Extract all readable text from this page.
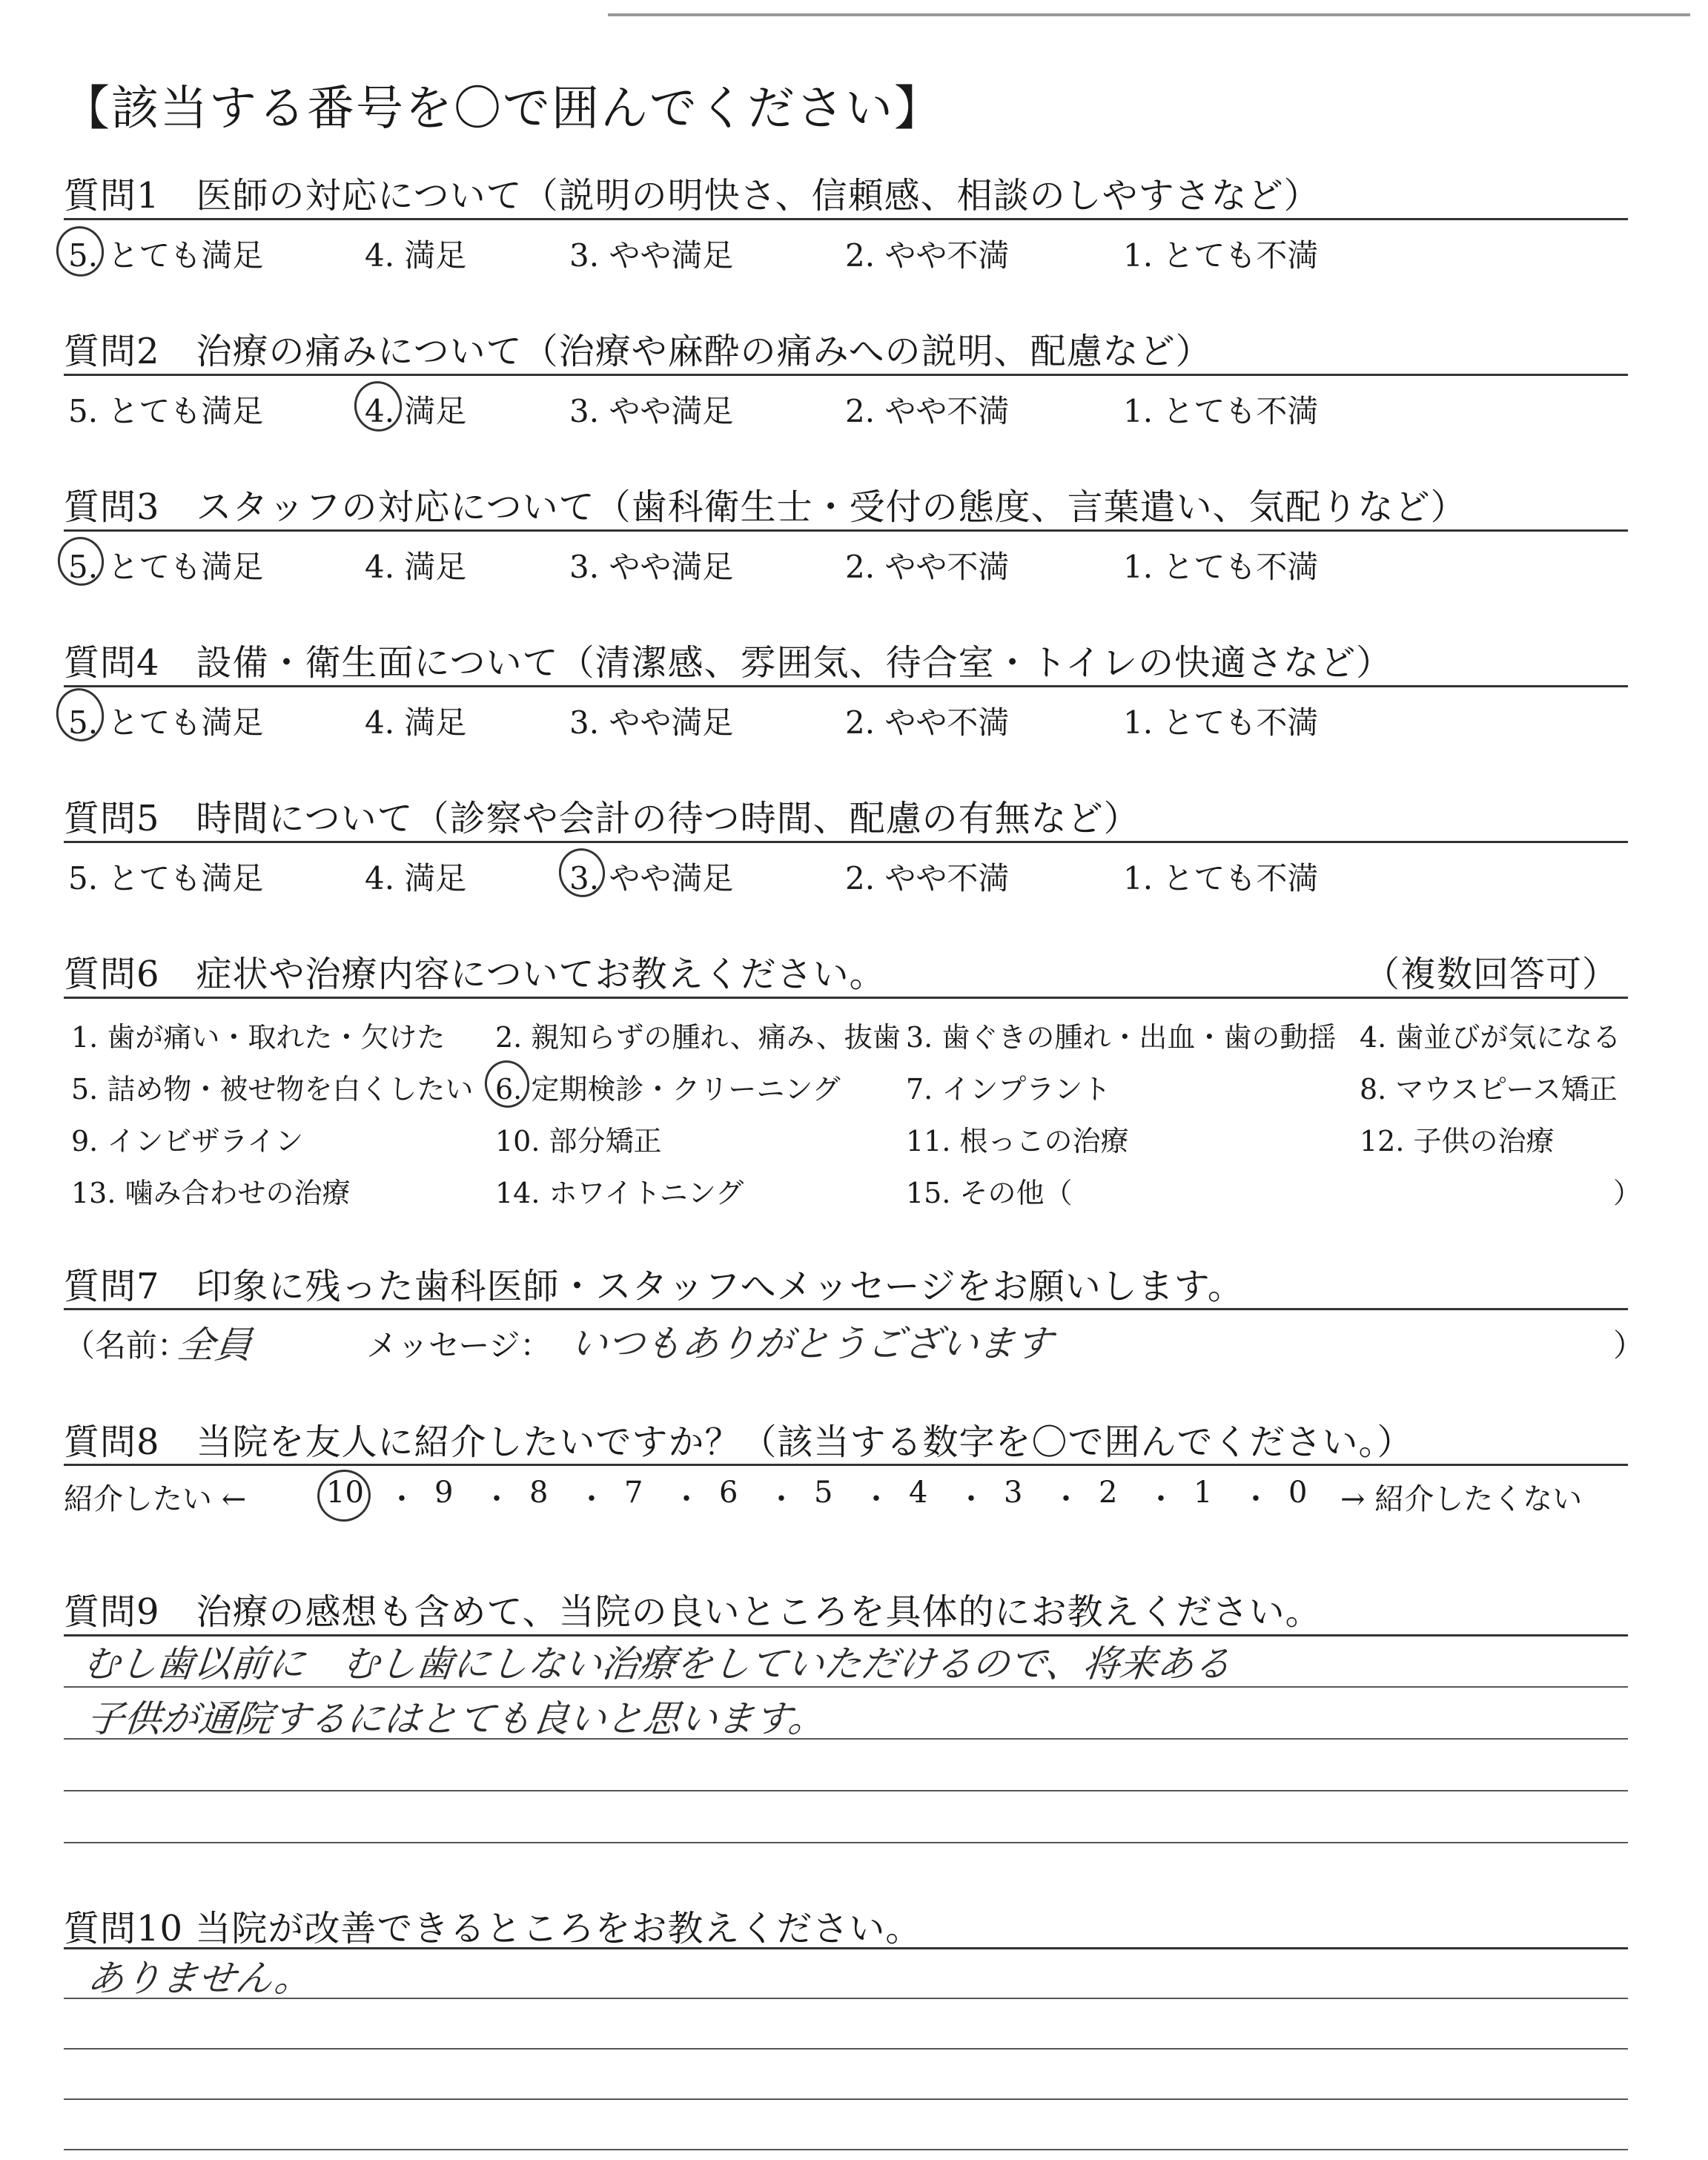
【該当する番号を〇で囲んでください】
質問1　医師の対応について（説明の明快さ、信頼感、相談のしやすさなど）
5. とても満足	4. 満足	3. やや満足	2. やや不満	1. とても不満
質問2　治療の痛みについて（治療や麻酔の痛みへの説明、配慮など）
5. とても満足	4. 満足	3. やや満足	2. やや不満	1. とても不満
質問3　スタッフの対応について（歯科衛生士・受付の態度、言葉遣い、気配りなど）
5. とても満足	4. 満足	3. やや満足	2. やや不満	1. とても不満
質問4　設備・衛生面について（清潔感、雰囲気、待合室・トイレの快適さなど）
5. とても満足	4. 満足	3. やや満足	2. やや不満	1. とても不満
質問5　時間について（診察や会計の待つ時間、配慮の有無など）
5. とても満足	4. 満足	3. やや満足	2. やや不満	1. とても不満
質問6　症状や治療内容についてお教えください。	（複数回答可）
1. 歯が痛い・取れた・欠けた 2. 親知らずの腫れ、痛み、抜歯 3. 歯ぐきの腫れ・出血・歯の動揺 4. 歯並びが気になる
5. 詰め物・被せ物を白くしたい 6. 定期検診・クリーニング 7. インプラント	8. マウスピース矯正
9. インビザライン	10. 部分矯正	11. 根っこの治療	12. 子供の治療
13. 噛み合わせの治療	14. ホワイトニング	15. その他（	）
質問7　印象に残った歯科医師・スタッフへメッセージをお願いします。
（名前：
全員	メッセージ： いつもありがとうございます	）
質問8　当院を友人に紹介したいですか？（該当する数字を〇で囲んでください。）
紹介したい ←	→ 紹介したくない
10 ・ 9 ・ 8 ・ 7 ・ 6 ・ 5 ・ 4 ・ 3 ・ 2 ・ 1 ・ 0
質問9　治療の感想も含めて、当院の良いところを具体的にお教えください。
むし歯以前に　むし歯にしない治療をしていただけるので、将来ある
子供が通院するにはとても良いと思います。
質問10 当院が改善できるところをお教えください。
ありません。
